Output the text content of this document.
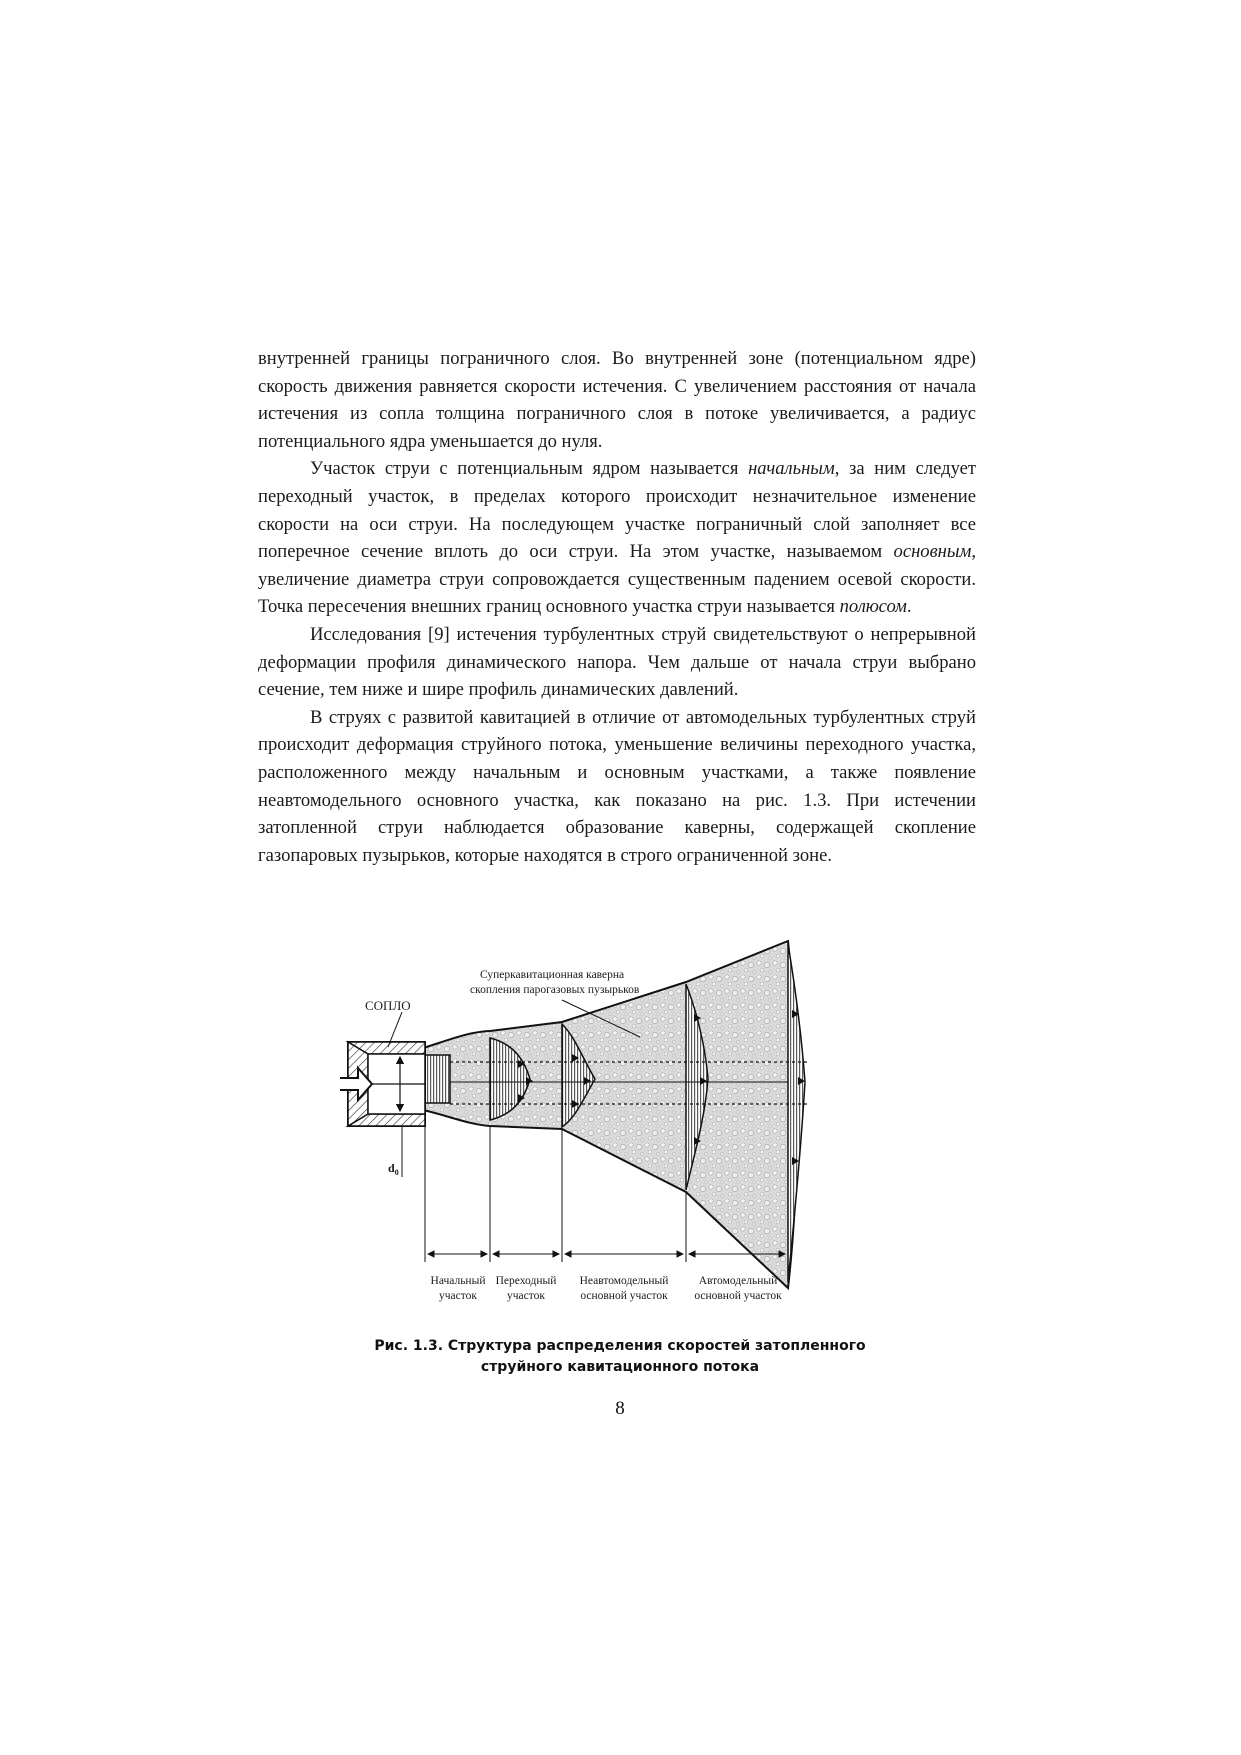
внутренней границы пограничного слоя. Во внутренней зоне (потенциальном ядре) скорость движения равняется скорости истечения. С увеличением расстояния от начала истечения из сопла толщина пограничного слоя в потоке увеличивается, а радиус потенциального ядра уменьшается до нуля.

Участок струи с потенциальным ядром называется начальным, за ним следует переходный участок, в пределах которого происходит незначительное изменение скорости на оси струи. На последующем участке пограничный слой заполняет все поперечное сечение вплоть до оси струи. На этом участке, называемом основным, увеличение диаметра струи сопровождается существенным падением осевой скорости. Точка пересечения внешних границ основного участка струи называется полюсом.

Исследования [9] истечения турбулентных струй свидетельствуют о непрерывной деформации профиля динамического напора. Чем дальше от начала струи выбрано сечение, тем ниже и шире профиль динамических давлений.

В струях с развитой кавитацией в отличие от автомодельных турбулентных струй происходит деформация струйного потока, уменьшение величины переходного участка, расположенного между начальным и основным участками, а также появление неавтомодельного основного участка, как показано на рис. 1.3. При истечении затопленной струи наблюдается образование каверны, содержащей скопление газопаровых пузырьков, которые находятся в строго ограниченной зоне.

СОПЛО
Суперкавитационная каверна
скопления парогазовых пузырьков
$d_0$
Начальный
участок
Переходный
участок
Неавтомодельный
основной участок
Автомодельный
основной участок
Рис. 1.3. Структура распределения скоростей затопленного
струйного кавитационного потока
8
